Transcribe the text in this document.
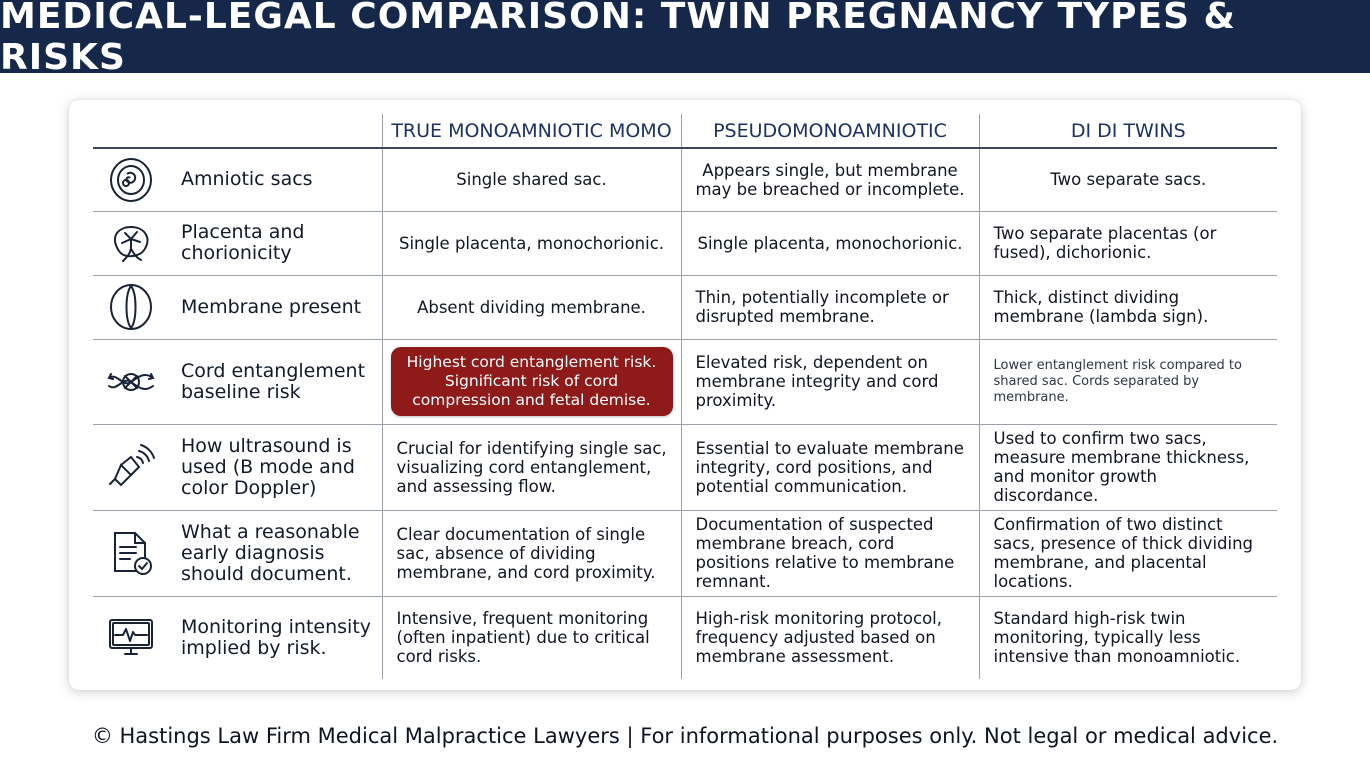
MEDICAL-LEGAL COMPARISON: TWIN PREGNANCY TYPES & RISKS
	TRUE MONOAMNIOTIC MOMO	PSEUDOMONOAMNIOTIC	DI DI TWINS

Amniotic sacs	Single shared sac.	Appears single, but membrane may be breached or incomplete.	Two separate sacs.

Placenta and chorionicity	Single placenta, monochorionic.	Single placenta, monochorionic.	Two separate placentas (or fused), dichorionic.

Membrane present	Absent dividing membrane.	Thin, potentially incomplete or disrupted membrane.	Thick, distinct dividing membrane (lambda sign).

Cord entanglement baseline risk	Highest cord entanglement risk. Significant risk of cord compression and fetal demise.	Elevated risk, dependent on membrane integrity and cord proximity.	Lower entanglement risk compared to shared sac. Cords separated by membrane.

How ultrasound is used (B mode and color Doppler)	Crucial for identifying single sac, visualizing cord entanglement, and assessing flow.	Essential to evaluate membrane integrity, cord positions, and potential communication.	Used to confirm two sacs, measure membrane thickness, and monitor growth discordance.

What a reasonable early diagnosis should document.	Clear documentation of single sac, absence of dividing membrane, and cord proximity.	Documentation of suspected membrane breach, cord positions relative to membrane remnant.	Confirmation of two distinct sacs, presence of thick dividing membrane, and placental locations.

Monitoring intensity implied by risk.	Intensive, frequent monitoring (often inpatient) due to critical cord risks.	High-risk monitoring protocol, frequency adjusted based on membrane assessment.	Standard high-risk twin monitoring, typically less intensive than monoamniotic.
© Hastings Law Firm Medical Malpractice Lawyers | For informational purposes only. Not legal or medical advice.
